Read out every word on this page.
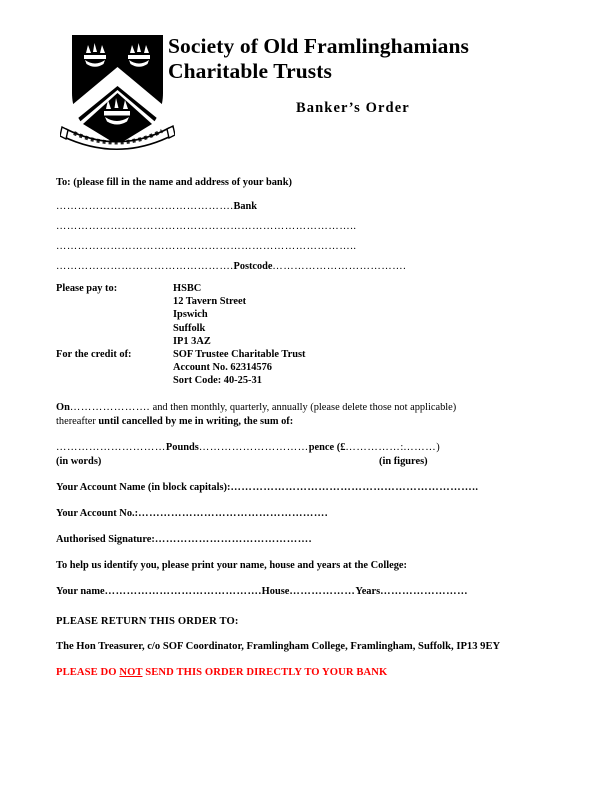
Society of Old Framlinghamians
Charitable Trusts
Banker’s Order
To: (please fill in the name and address of your bank)
………………………………………….Bank
………………………………………………………………………..
………………………………………………………………………..
………………………………………….Postcode……………………………….
Please pay to:	HSBC
	12 Tavern Street
	Ipswich
	Suffolk
	IP1 3AZ
For the credit of:	SOF Trustee Charitable Trust
	Account No. 62314576
	Sort Code: 40-25-31
On…………………. and then monthly, quarterly, annually (please delete those not applicable) thereafter until cancelled by me in writing, the sum of:
…………………………Pounds…………………………pence (£……………:………)
(in words)	(in figures)
Your Account Name (in block capitals):…………………………………………………………..
Your Account No.:…………………………………………….
Authorised Signature:…………………………………….
To help us identify you, please print your name, house and years at the College:
Your name…………………………………….House………………Years……………………
PLEASE RETURN THIS ORDER TO:
The Hon Treasurer, c/o SOF Coordinator, Framlingham College, Framlingham, Suffolk, IP13 9EY
PLEASE DO NOT SEND THIS ORDER DIRECTLY TO YOUR BANK
